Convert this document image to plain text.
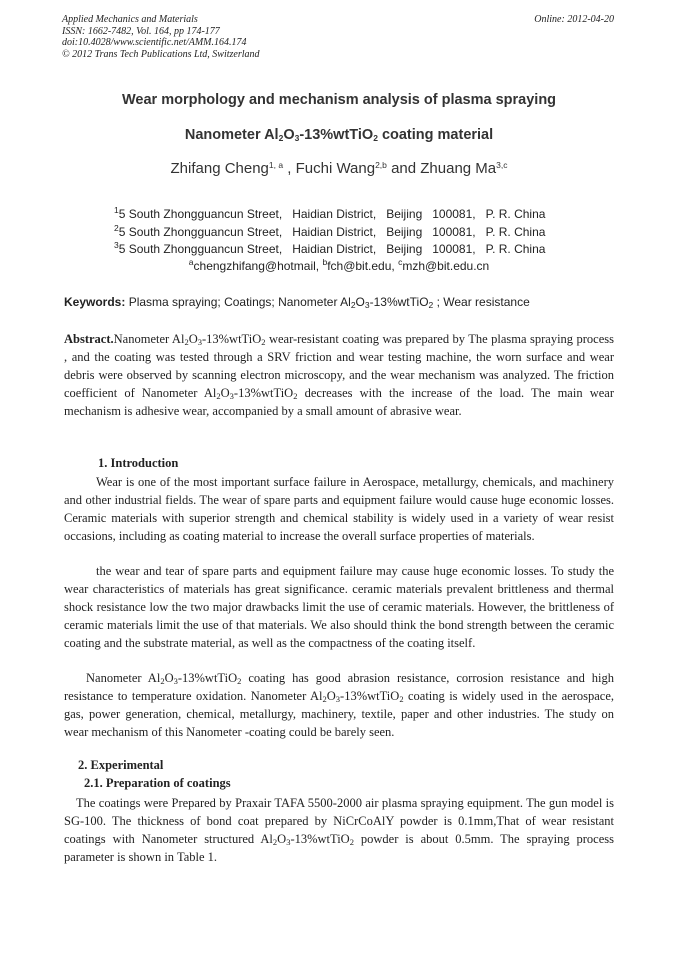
Applied Mechanics and Materials
ISSN: 1662-7482, Vol. 164, pp 174-177
doi:10.4028/www.scientific.net/AMM.164.174
© 2012 Trans Tech Publications Ltd, Switzerland
Online: 2012-04-20
Wear morphology and mechanism analysis of plasma spraying
Nanometer $Al_2O_3-13\%wtTiO_2$ coating material
Zhifang Cheng$^{1, a}$ , Fuchi Wang$^{2,b}$ and Zhuang Ma$^{3,c}$
$^1$5 South Zhongguancun Street,   Haidian District,   Beijing   100081,   P. R. China
$^2$5 South Zhongguancun Street,   Haidian District,   Beijing   100081,   P. R. China
$^3$5 South Zhongguancun Street,   Haidian District,   Beijing   100081,   P. R. China
$^a$chengzhifang@hotmail, $^b$fch@bit.edu, $^c$mzh@bit.edu.cn
Keywords: Plasma spraying; Coatings; Nanometer $Al_2O_3-13\%wtTiO_2$ ; Wear resistance
Abstract.Nanometer $Al_2O_3-13\%wtTiO_2$ wear-resistant coating was prepared by The plasma spraying process , and the coating was tested through a SRV friction and wear testing machine, the worn surface and wear debris were observed by scanning electron microscopy, and the wear mechanism was analyzed. The friction coefficient of Nanometer $Al_2O_3-13\%wtTiO_2$ decreases with the increase of the load. The main wear mechanism is adhesive wear, accompanied by a small amount of abrasive wear.
1. Introduction
Wear is one of the most important surface failure in Aerospace, metallurgy, chemicals, and machinery and other industrial fields. The wear of spare parts and equipment failure would cause huge economic losses. Ceramic materials with superior strength and chemical stability is widely used in a variety of wear resist occasions, including as coating material to increase the overall surface properties of materials.
the wear and tear of spare parts and equipment failure may cause huge economic losses. To study the wear characteristics of materials has great significance. ceramic materials prevalent brittleness and thermal shock resistance low the two major drawbacks limit the use of ceramic materials. However, the brittleness of ceramic materials limit the use of that materials. We also should think the bond strength between the ceramic coating and the substrate material, as well as the compactness of the coating itself.
Nanometer $Al_2O_3-13\%wtTiO_2$ coating has good abrasion resistance, corrosion resistance and high resistance to temperature oxidation. Nanometer $Al_2O_3-13\%wtTiO_2$ coating is widely used in the aerospace, gas, power generation, chemical, metallurgy, machinery, textile, paper and other industries. The study on wear mechanism of this Nanometer -coating could be barely seen.
2. Experimental
2.1. Preparation of coatings
The coatings were Prepared by Praxair TAFA 5500-2000 air plasma spraying equipment. The gun model is SG-100. The thickness of bond coat prepared by NiCrCoAlY powder is 0.1mm,That of wear resistant coatings with Nanometer structured $Al_2O_3-13\%wtTiO_2$ powder is about 0.5mm. The spraying process parameter is shown in Table 1.
